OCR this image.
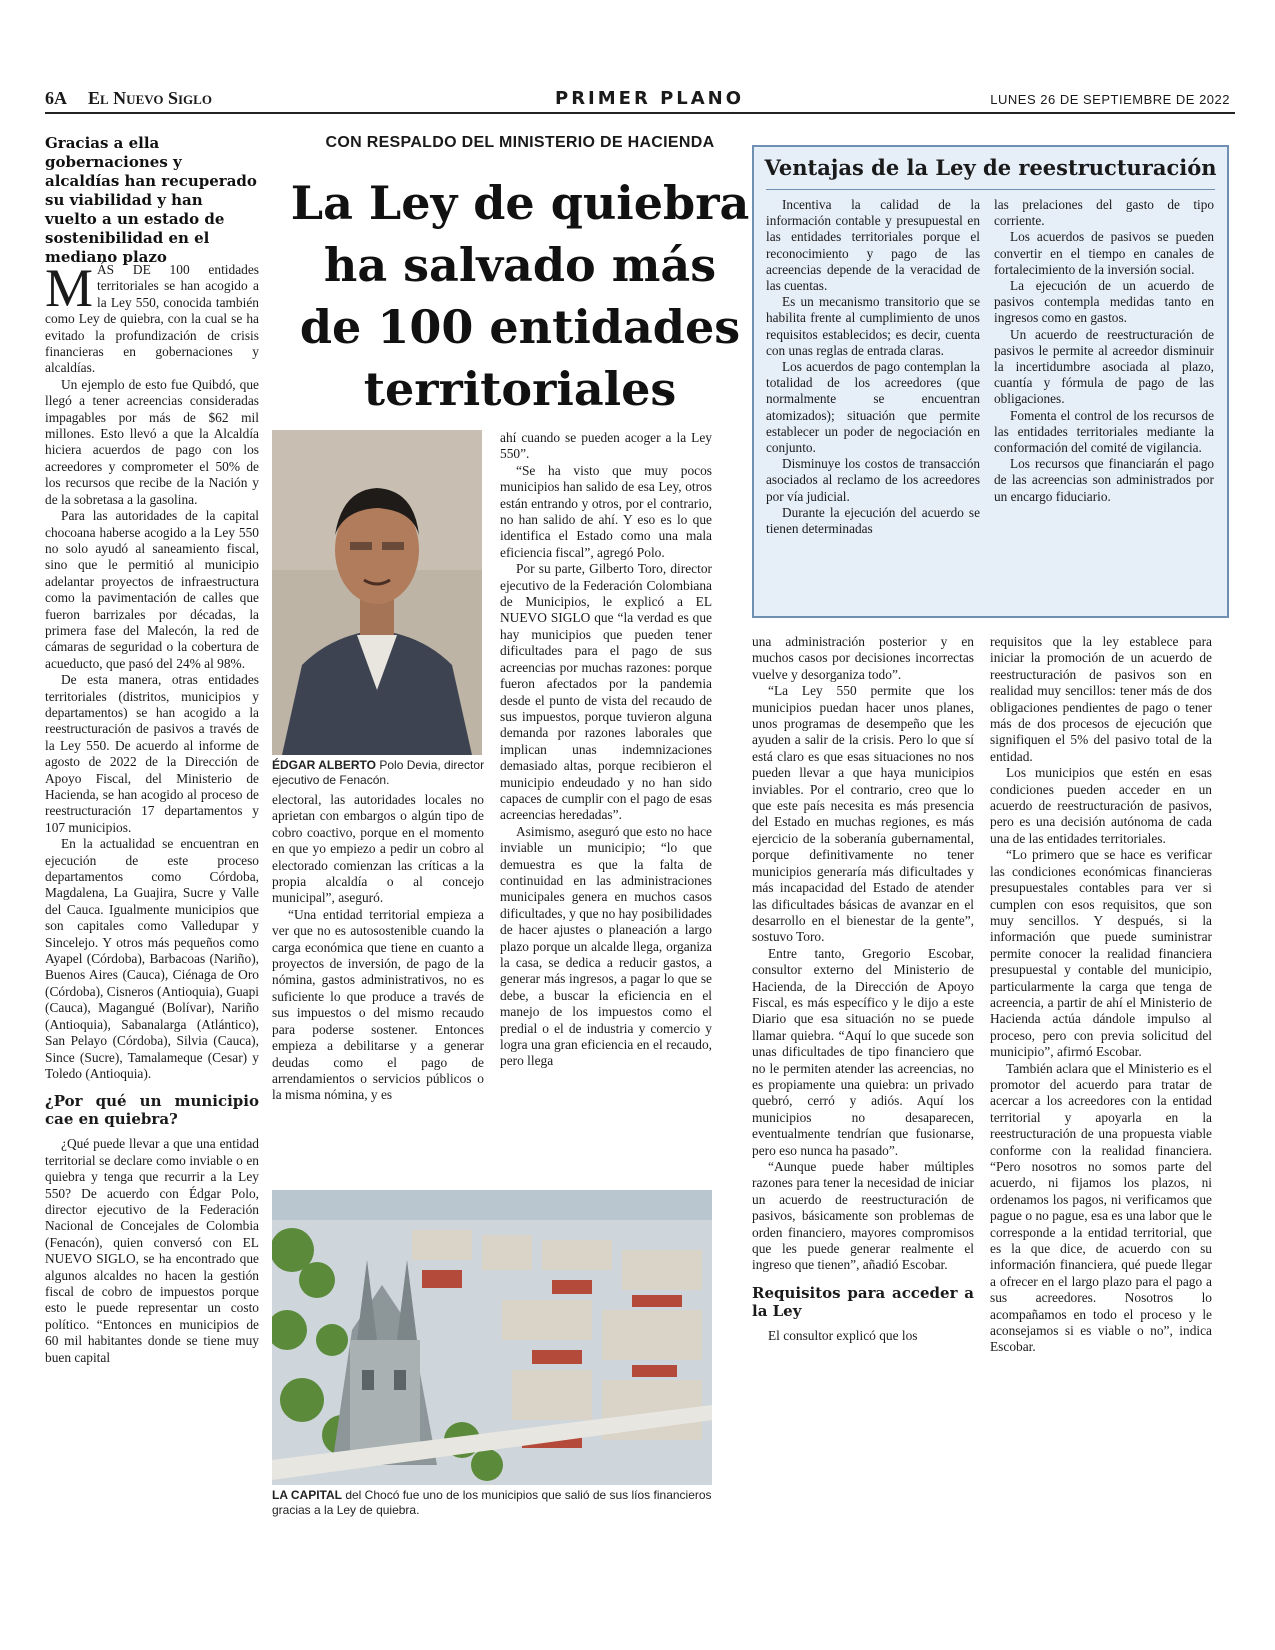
6A El Nuevo Siglo	PRIMER PLANO	LUNES 26 DE SEPTIEMBRE DE 2022
Gracias a ella gobernaciones y alcaldías han recuperado su viabilidad y han vuelto a un estado de sostenibilidad en el mediano plazo
CON RESPALDO DEL MINISTERIO DE HACIENDA
La Ley de quiebra ha salvado más de 100 entidades territoriales

MÁS DE 100 entidades territoriales se han acogido a la Ley 550, conocida también como Ley de quiebra, con la cual se ha evitado la profundización de crisis financieras en gobernaciones y alcaldías.

Un ejemplo de esto fue Quibdó, que llegó a tener acreencias consideradas impagables por más de $62 mil millones. Esto llevó a que la Alcaldía hiciera acuerdos de pago con los acreedores y comprometer el 50% de los recursos que recibe de la Nación y de la sobretasa a la gasolina.

Para las autoridades de la capital chocoana haberse acogido a la Ley 550 no solo ayudó al saneamiento fiscal, sino que le permitió al municipio adelantar proyectos de infraestructura como la pavimentación de calles que fueron barrizales por décadas, la primera fase del Malecón, la red de cámaras de seguridad o la cobertura de acueducto, que pasó del 24% al 98%.

De esta manera, otras entidades territoriales (distritos, municipios y departamentos) se han acogido a la reestructuración de pasivos a través de la Ley 550. De acuerdo al informe de agosto de 2022 de la Dirección de Apoyo Fiscal, del Ministerio de Hacienda, se han acogido al proceso de reestructuración 17 departamentos y 107 municipios.

En la actualidad se encuentran en ejecución de este proceso departamentos como Córdoba, Magdalena, La Guajira, Sucre y Valle del Cauca. Igualmente municipios que son capitales como Valledupar y Sincelejo. Y otros más pequeños como Ayapel (Córdoba), Barbacoas (Nariño), Buenos Aires (Cauca), Ciénaga de Oro (Córdoba), Cisneros (Antioquia), Guapi (Cauca), Magangué (Bolívar), Nariño (Antioquia), Sabanalarga (Atlántico), San Pelayo (Córdoba), Silvia (Cauca), Since (Sucre), Tamalameque (Cesar) y Toledo (Antioquia).

¿Por qué un municipio cae en quiebra?

¿Qué puede llevar a que una entidad territorial se declare como inviable o en quiebra y tenga que recurrir a la Ley 550? De acuerdo con Édgar Polo, director ejecutivo de la Federación Nacional de Concejales de Colombia (Fenacón), quien conversó con EL NUEVO SIGLO, se ha encontrado que algunos alcaldes no hacen la gestión fiscal de cobro de impuestos porque esto le puede representar un costo político. “Entonces en municipios de 60 mil habitantes donde se tiene muy buen capital

ÉDGAR ALBERTO Polo Devia, director ejecutivo de Fenacón.

electoral, las autoridades locales no aprietan con embargos o algún tipo de cobro coactivo, porque en el momento en que yo empiezo a pedir un cobro al electorado comienzan las críticas a la propia alcaldía o al concejo municipal”, aseguró.

“Una entidad territorial empieza a ver que no es autosostenible cuando la carga económica que tiene en cuanto a proyectos de inversión, de pago de la nómina, gastos administrativos, no es suficiente lo que produce a través de sus impuestos o del mismo recaudo para poderse sostener. Entonces empieza a debilitarse y a generar deudas como el pago de arrendamientos o servicios públicos o la misma nómina, y es

ahí cuando se pueden acoger a la Ley 550”.

“Se ha visto que muy pocos municipios han salido de esa Ley, otros están entrando y otros, por el contrario, no han salido de ahí. Y eso es lo que identifica el Estado como una mala eficiencia fiscal”, agregó Polo.

Por su parte, Gilberto Toro, director ejecutivo de la Federación Colombiana de Municipios, le explicó a EL NUEVO SIGLO que “la verdad es que hay municipios que pueden tener dificultades para el pago de sus acreencias por muchas razones: porque fueron afectados por la pandemia desde el punto de vista del recaudo de sus impuestos, porque tuvieron alguna demanda por razones laborales que implican unas indemnizaciones demasiado altas, porque recibieron el municipio endeudado y no han sido capaces de cumplir con el pago de esas acreencias heredadas”.

Asimismo, aseguró que esto no hace inviable un municipio; “lo que demuestra es que la falta de continuidad en las administraciones municipales genera en muchos casos dificultades, y que no hay posibilidades de hacer ajustes o planeación a largo plazo porque un alcalde llega, organiza la casa, se dedica a reducir gastos, a generar más ingresos, a pagar lo que se debe, a buscar la eficiencia en el manejo de los impuestos como el predial o el de industria y comercio y logra una gran eficiencia en el recaudo, pero llega

LA CAPITAL del Chocó fue uno de los municipios que salió de sus líos financieros gracias a la Ley de quiebra.
Ventajas de la Ley de reestructuración

Incentiva la calidad de la información contable y presupuestal en las entidades territoriales porque el reconocimiento y pago de las acreencias depende de la veracidad de las cuentas.

Es un mecanismo transitorio que se habilita frente al cumplimiento de unos requisitos establecidos; es decir, cuenta con unas reglas de entrada claras.

Los acuerdos de pago contemplan la totalidad de los acreedores (que normalmente se encuentran atomizados); situación que permite establecer un poder de negociación en conjunto.

Disminuye los costos de transacción asociados al reclamo de los acreedores por vía judicial.

Durante la ejecución del acuerdo se tienen determinadas

las prelaciones del gasto de tipo corriente.

Los acuerdos de pasivos se pueden convertir en el tiempo en canales de fortalecimiento de la inversión social.

La ejecución de un acuerdo de pasivos contempla medidas tanto en ingresos como en gastos.

Un acuerdo de reestructuración de pasivos le permite al acreedor disminuir la incertidumbre asociada al plazo, cuantía y fórmula de pago de las obligaciones.

Fomenta el control de los recursos de las entidades territoriales mediante la conformación del comité de vigilancia.

Los recursos que financiarán el pago de las acreencias son administrados por un encargo fiduciario.

una administración posterior y en muchos casos por decisiones incorrectas vuelve y desorganiza todo”.

“La Ley 550 permite que los municipios puedan hacer unos planes, unos programas de desempeño que les ayuden a salir de la crisis. Pero lo que sí está claro es que esas situaciones no nos pueden llevar a que haya municipios inviables. Por el contrario, creo que lo que este país necesita es más presencia del Estado en muchas regiones, es más ejercicio de la soberanía gubernamental, porque definitivamente no tener municipios generaría más dificultades y más incapacidad del Estado de atender las dificultades básicas de avanzar en el desarrollo en el bienestar de la gente”, sostuvo Toro.

Entre tanto, Gregorio Escobar, consultor externo del Ministerio de Hacienda, de la Dirección de Apoyo Fiscal, es más específico y le dijo a este Diario que esa situación no se puede llamar quiebra. “Aquí lo que sucede son unas dificultades de tipo financiero que no le permiten atender las acreencias, no es propiamente una quiebra: un privado quebró, cerró y adiós. Aquí los municipios no desaparecen, eventualmente tendrían que fusionarse, pero eso nunca ha pasado”.

“Aunque puede haber múltiples razones para tener la necesidad de iniciar un acuerdo de reestructuración de pasivos, básicamente son problemas de orden financiero, mayores compromisos que les puede generar realmente el ingreso que tienen”, añadió Escobar.

Requisitos para acceder a la Ley

El consultor explicó que los

requisitos que la ley establece para iniciar la promoción de un acuerdo de reestructuración de pasivos son en realidad muy sencillos: tener más de dos obligaciones pendientes de pago o tener más de dos procesos de ejecución que signifiquen el 5% del pasivo total de la entidad.

Los municipios que estén en esas condiciones pueden acceder en un acuerdo de reestructuración de pasivos, pero es una decisión autónoma de cada una de las entidades territoriales.

“Lo primero que se hace es verificar las condiciones económicas financieras presupuestales contables para ver si cumplen con esos requisitos, que son muy sencillos. Y después, si la información que puede suministrar permite conocer la realidad financiera presupuestal y contable del municipio, particularmente la carga que tenga de acreencia, a partir de ahí el Ministerio de Hacienda actúa dándole impulso al proceso, pero con previa solicitud del municipio”, afirmó Escobar.

También aclara que el Ministerio es el promotor del acuerdo para tratar de acercar a los acreedores con la entidad territorial y apoyarla en la reestructuración de una propuesta viable conforme con la realidad financiera. “Pero nosotros no somos parte del acuerdo, ni fijamos los plazos, ni ordenamos los pagos, ni verificamos que pague o no pague, esa es una labor que le corresponde a la entidad territorial, que es la que dice, de acuerdo con su información financiera, qué puede llegar a ofrecer en el largo plazo para el pago a sus acreedores. Nosotros lo acompañamos en todo el proceso y le aconsejamos si es viable o no”, indica Escobar.
